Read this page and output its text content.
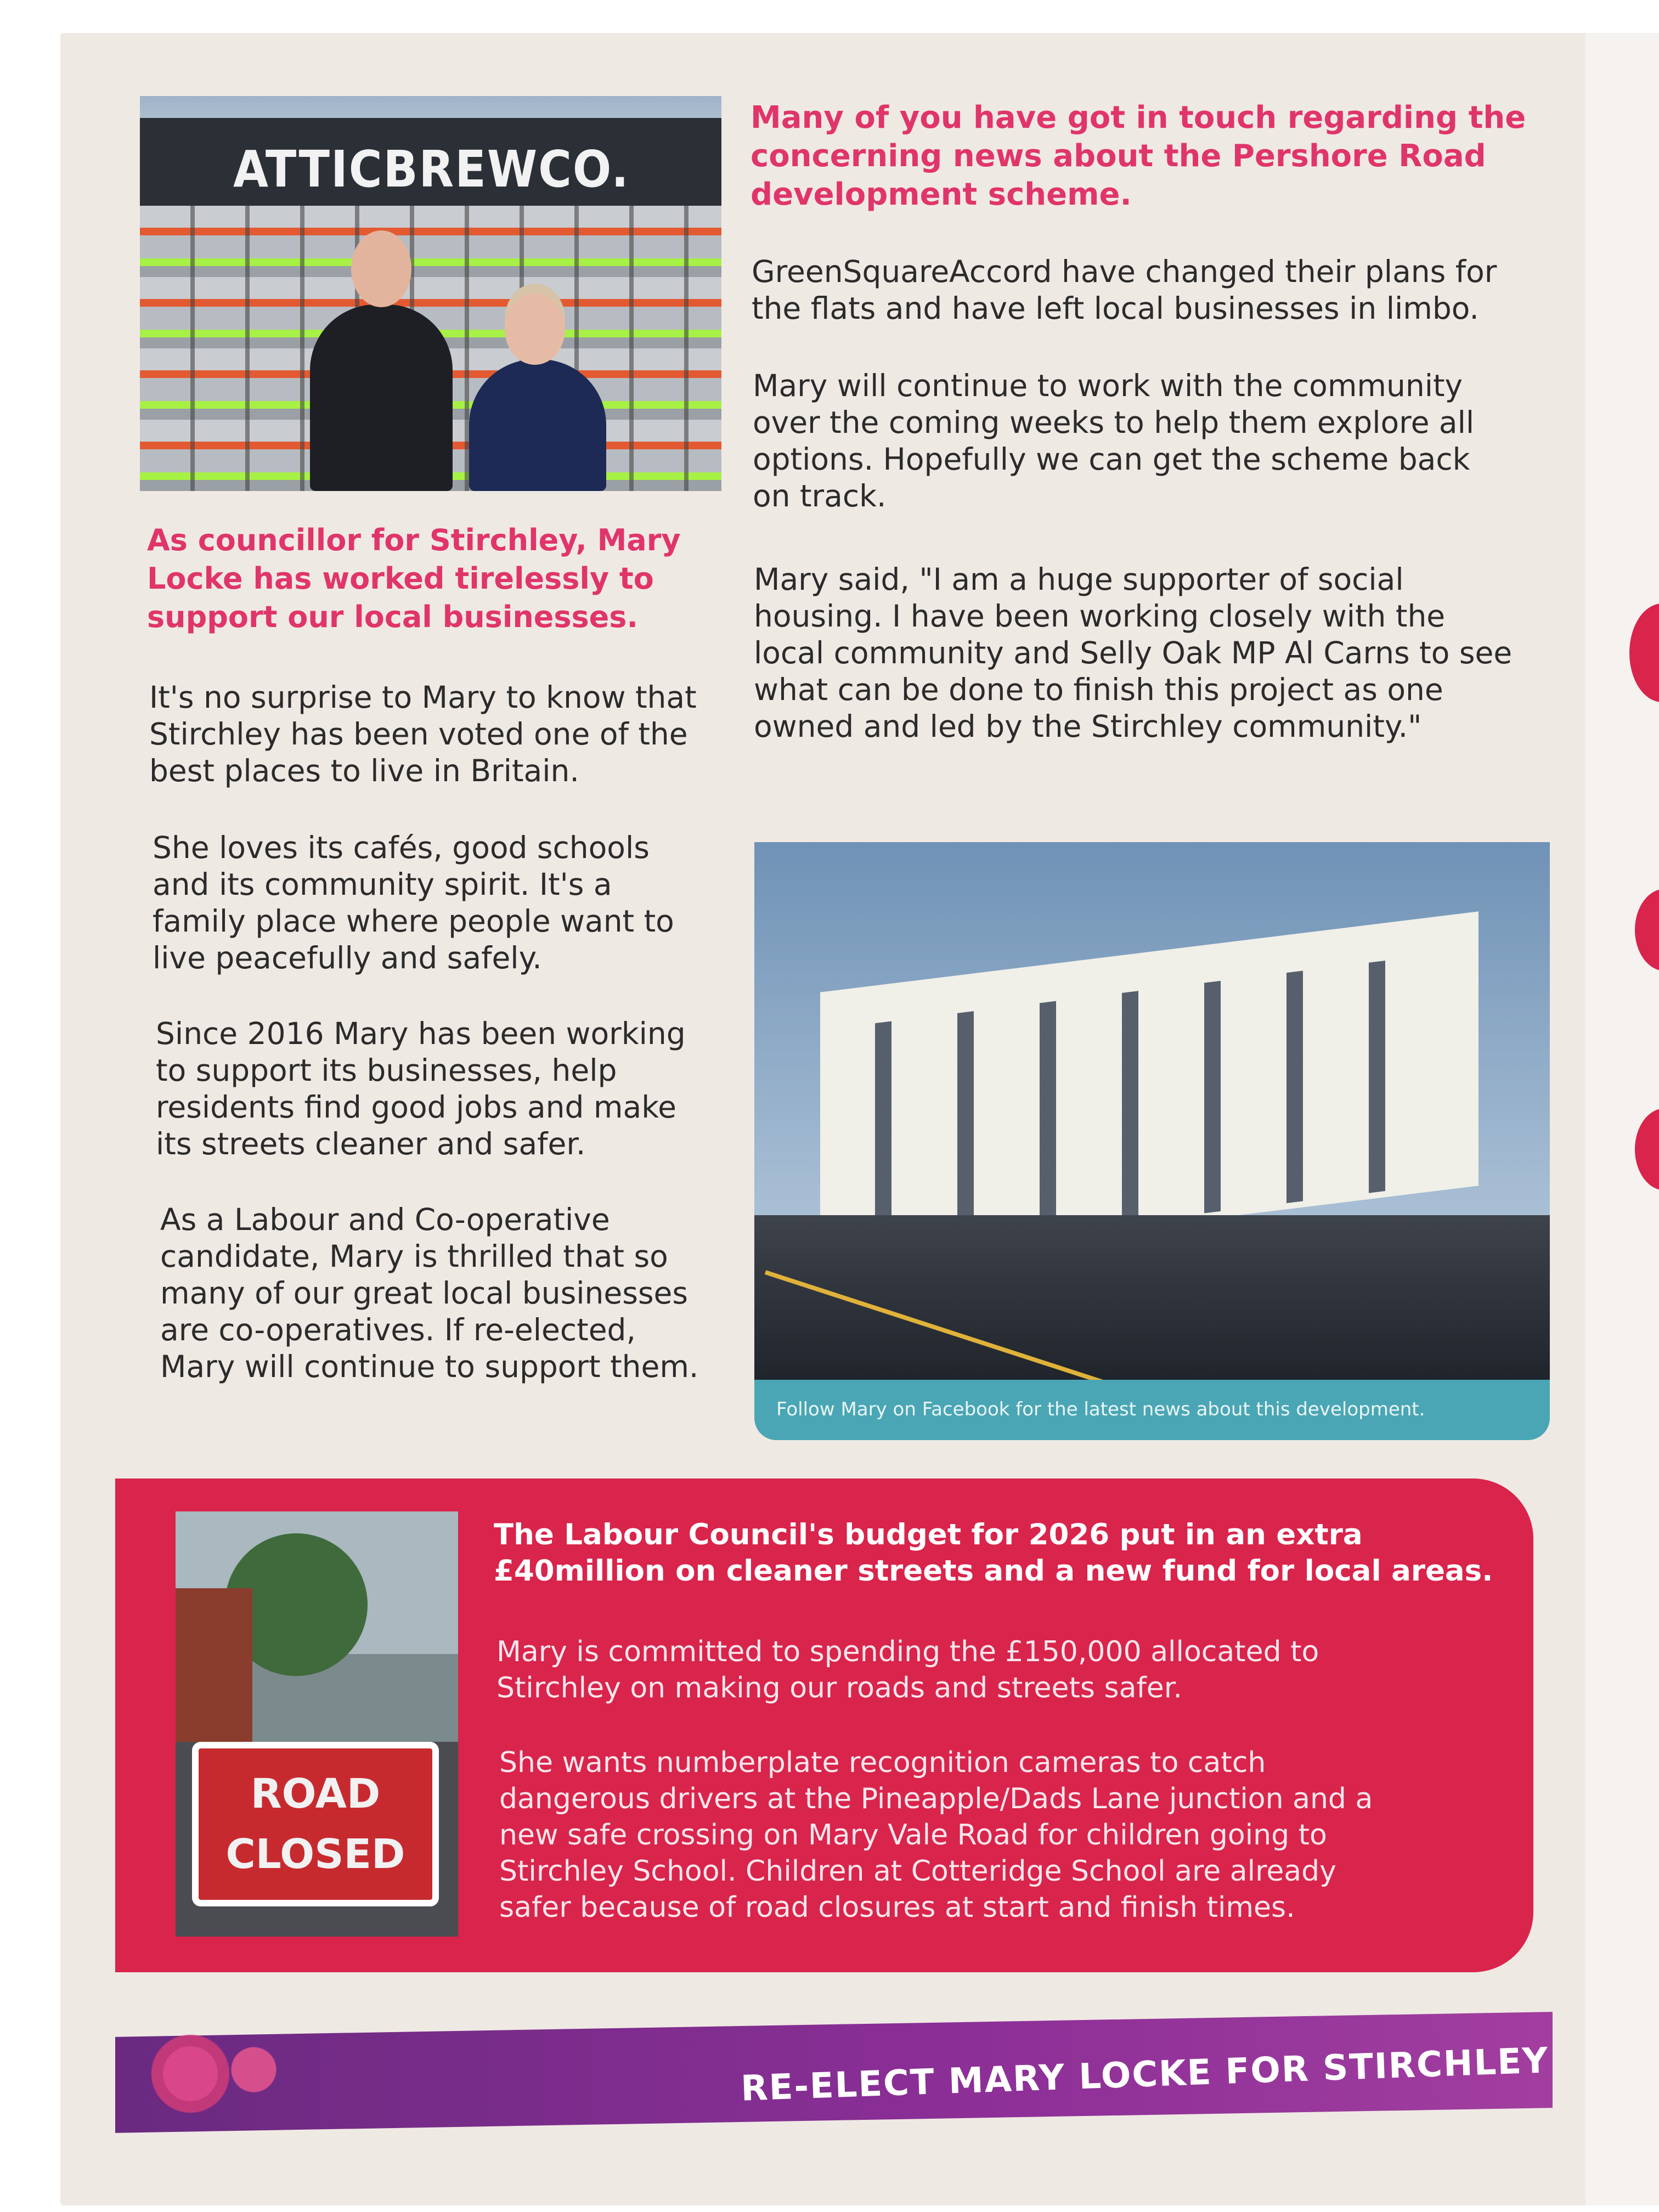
ATTICBREWCO.
As councillor for Stirchley, Mary
Locke has worked tirelessly to
support our local businesses.
It's no surprise to Mary to know that
Stirchley has been voted one of the
best places to live in Britain.
She loves its cafés, good schools
and its community spirit. It's a
family place where people want to
live peacefully and safely.
Since 2016 Mary has been working
to support its businesses, help
residents find good jobs and make
its streets cleaner and safer.
As a Labour and Co-operative
candidate, Mary is thrilled that so
many of our great local businesses
are co-operatives. If re-elected,
Mary will continue to support them.
Many of you have got in touch regarding the
concerning news about the Pershore Road
development scheme.
GreenSquareAccord have changed their plans for
the flats and have left local businesses in limbo.
Mary will continue to work with the community
over the coming weeks to help them explore all
options. Hopefully we can get the scheme back
on track.
Mary said, "I am a huge supporter of social
housing. I have been working closely with the
local community and Selly Oak MP Al Carns to see
what can be done to finish this project as one
owned and led by the Stirchley community."
Follow Mary on Facebook for the latest news about this development.
ROAD
CLOSED
The Labour Council's budget for 2026 put in an extra
£40million on cleaner streets and a new fund for local areas.
Mary is committed to spending the £150,000 allocated to
Stirchley on making our roads and streets safer.
She wants numberplate recognition cameras to catch
dangerous drivers at the Pineapple/Dads Lane junction and a
new safe crossing on Mary Vale Road for children going to
Stirchley School. Children at Cotteridge School are already
safer because of road closures at start and finish times.
RE-ELECT MARY LOCKE FOR STIRCHLEY
